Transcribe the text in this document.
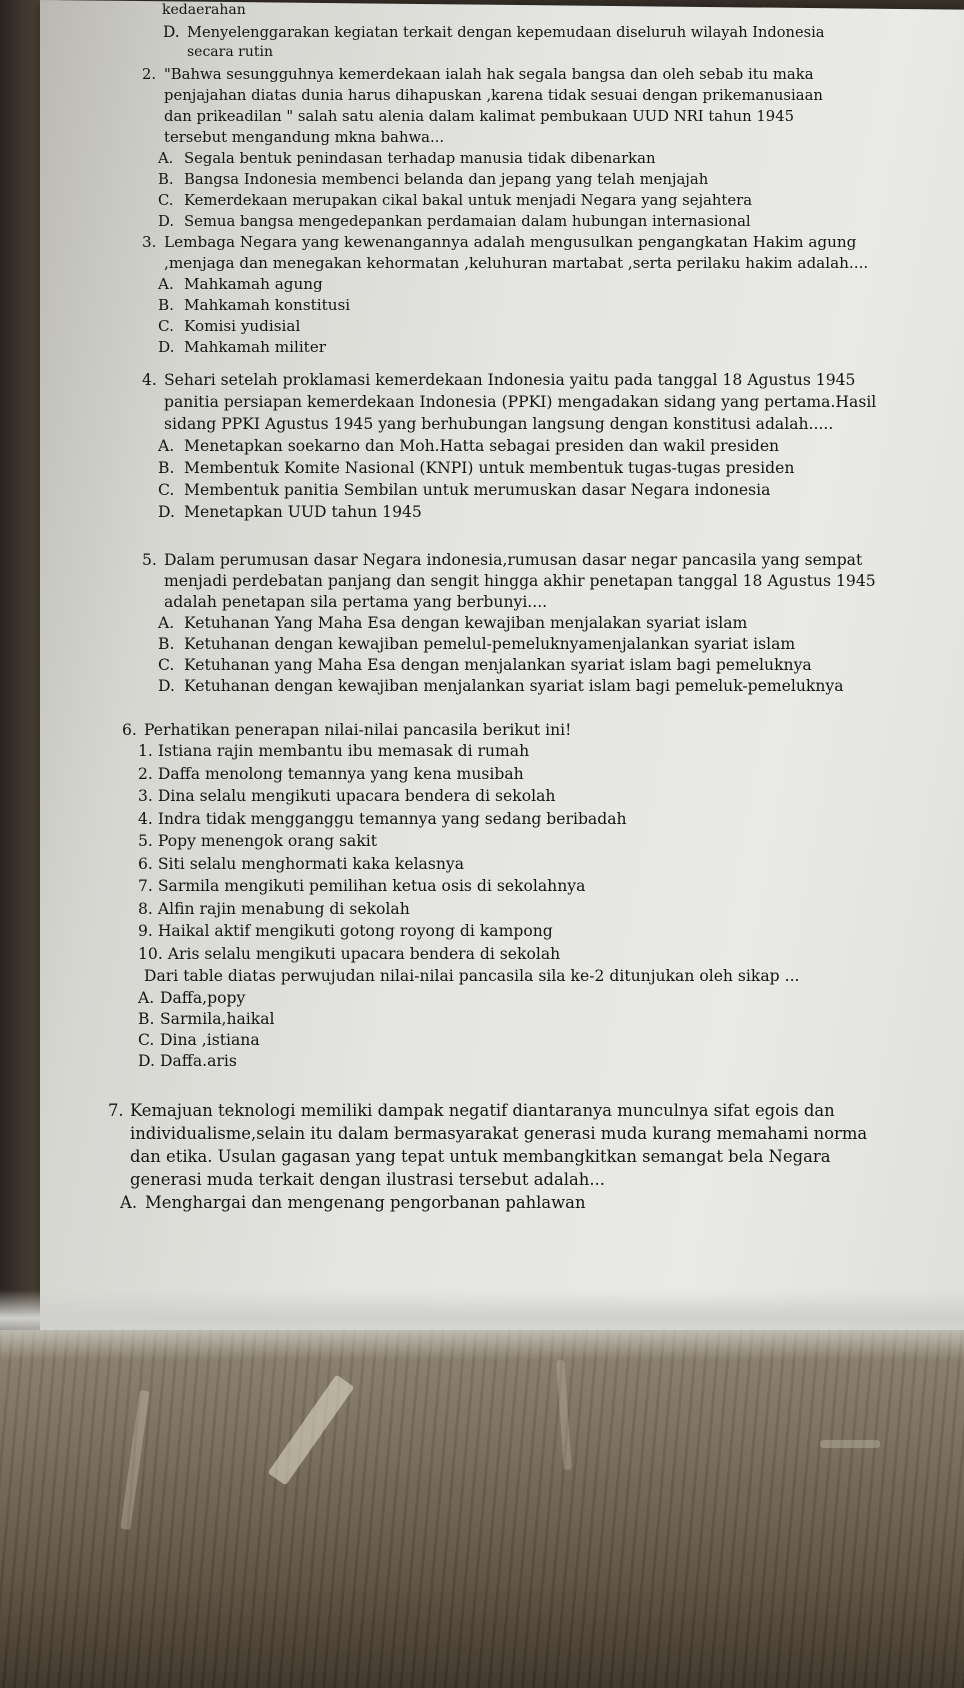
kedaerahan
D. Menyelenggarakan kegiatan terkait dengan kepemudaan diseluruh wilayah Indonesia
secara rutin
2. "Bahwa sesungguhnya kemerdekaan ialah hak segala bangsa dan oleh sebab itu maka
penjajahan diatas dunia harus dihapuskan ,karena tidak sesuai dengan prikemanusiaan
dan prikeadilan " salah satu alenia dalam kalimat pembukaan UUD NRI tahun 1945
tersebut mengandung mkna bahwa...
A. Segala bentuk penindasan terhadap manusia tidak dibenarkan
B. Bangsa Indonesia membenci belanda dan jepang yang telah menjajah
C. Kemerdekaan merupakan cikal bakal untuk menjadi Negara yang sejahtera
D. Semua bangsa mengedepankan perdamaian dalam hubungan internasional
3. Lembaga Negara yang kewenangannya adalah mengusulkan pengangkatan Hakim agung
,menjaga dan menegakan kehormatan ,keluhuran martabat ,serta perilaku hakim adalah....
A. Mahkamah agung
B. Mahkamah konstitusi
C. Komisi yudisial
D. Mahkamah militer
4. Sehari setelah proklamasi kemerdekaan Indonesia yaitu pada tanggal 18 Agustus 1945
panitia persiapan kemerdekaan Indonesia (PPKI) mengadakan sidang yang pertama.Hasil
sidang PPKI Agustus 1945 yang berhubungan langsung dengan konstitusi adalah.....
A. Menetapkan soekarno dan Moh.Hatta sebagai presiden dan wakil presiden
B. Membentuk Komite Nasional (KNPI) untuk membentuk tugas-tugas presiden
C. Membentuk panitia Sembilan untuk merumuskan dasar Negara indonesia
D. Menetapkan UUD tahun 1945
5. Dalam perumusan dasar Negara indonesia,rumusan dasar negar pancasila yang sempat
menjadi perdebatan panjang dan sengit hingga akhir penetapan tanggal 18 Agustus 1945
adalah penetapan sila pertama yang berbunyi....
A. Ketuhanan Yang Maha Esa dengan kewajiban menjalakan syariat islam
B. Ketuhanan dengan kewajiban pemelul-pemeluknyamenjalankan syariat islam
C. Ketuhanan yang Maha Esa dengan menjalankan syariat islam bagi pemeluknya
D. Ketuhanan dengan kewajiban menjalankan syariat islam bagi pemeluk-pemeluknya
6. Perhatikan penerapan nilai-nilai pancasila berikut ini!
1. Istiana rajin membantu ibu memasak di rumah
2. Daffa menolong temannya yang kena musibah
3. Dina selalu mengikuti upacara bendera di sekolah
4. Indra tidak mengganggu temannya yang sedang beribadah
5. Popy menengok orang sakit
6. Siti selalu menghormati kaka kelasnya
7. Sarmila mengikuti pemilihan ketua osis di sekolahnya
8. Alfin rajin menabung di sekolah
9. Haikal aktif mengikuti gotong royong di kampong
10. Aris selalu mengikuti upacara bendera di sekolah
Dari table diatas perwujudan nilai-nilai pancasila sila ke-2 ditunjukan oleh sikap ...
A. Daffa,popy
B. Sarmila,haikal
C. Dina ,istiana
D. Daffa.aris
7. Kemajuan teknologi memiliki dampak negatif diantaranya munculnya sifat egois dan
individualisme,selain itu dalam bermasyarakat generasi muda kurang memahami norma
dan etika. Usulan gagasan yang tepat untuk membangkitkan semangat bela Negara
generasi muda terkait dengan ilustrasi tersebut adalah...
A. Menghargai dan mengenang pengorbanan pahlawan
